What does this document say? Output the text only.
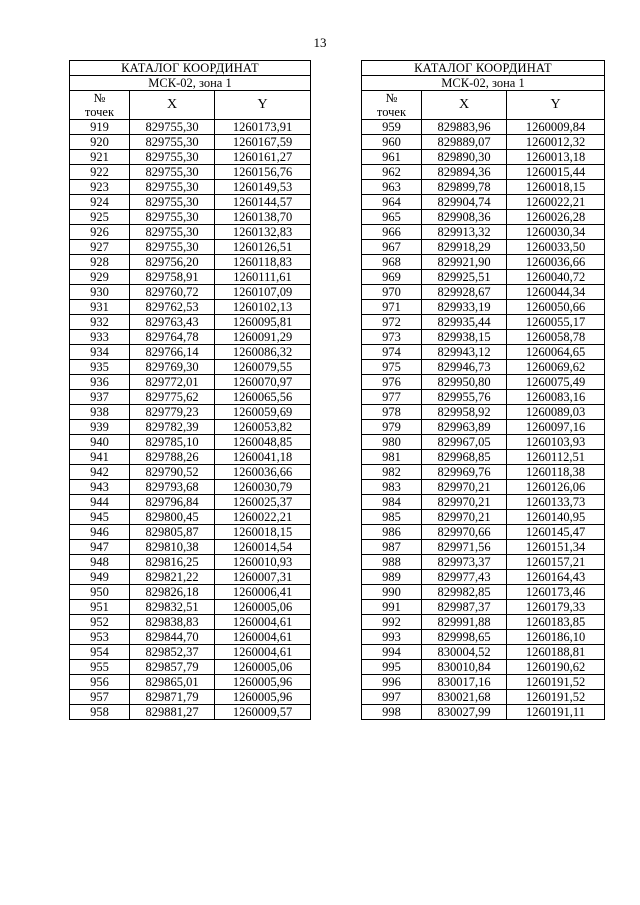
13
КАТАЛОГ КООРДИНАТ		
МСК-02, зона 1		
№
точек	X	Y
919	829755,30	1260173,91
920	829755,30	1260167,59
921	829755,30	1260161,27
922	829755,30	1260156,76
923	829755,30	1260149,53
924	829755,30	1260144,57
925	829755,30	1260138,70
926	829755,30	1260132,83
927	829755,30	1260126,51
928	829756,20	1260118,83
929	829758,91	1260111,61
930	829760,72	1260107,09
931	829762,53	1260102,13
932	829763,43	1260095,81
933	829764,78	1260091,29
934	829766,14	1260086,32
935	829769,30	1260079,55
936	829772,01	1260070,97
937	829775,62	1260065,56
938	829779,23	1260059,69
939	829782,39	1260053,82
940	829785,10	1260048,85
941	829788,26	1260041,18
942	829790,52	1260036,66
943	829793,68	1260030,79
944	829796,84	1260025,37
945	829800,45	1260022,21
946	829805,87	1260018,15
947	829810,38	1260014,54
948	829816,25	1260010,93
949	829821,22	1260007,31
950	829826,18	1260006,41
951	829832,51	1260005,06
952	829838,83	1260004,61
953	829844,70	1260004,61
954	829852,37	1260004,61
955	829857,79	1260005,06
956	829865,01	1260005,96
957	829871,79	1260005,96
958	829881,27	1260009,57
КАТАЛОГ КООРДИНАТ		
МСК-02, зона 1		
№
точек	X	Y
959	829883,96	1260009,84
960	829889,07	1260012,32
961	829890,30	1260013,18
962	829894,36	1260015,44
963	829899,78	1260018,15
964	829904,74	1260022,21
965	829908,36	1260026,28
966	829913,32	1260030,34
967	829918,29	1260033,50
968	829921,90	1260036,66
969	829925,51	1260040,72
970	829928,67	1260044,34
971	829933,19	1260050,66
972	829935,44	1260055,17
973	829938,15	1260058,78
974	829943,12	1260064,65
975	829946,73	1260069,62
976	829950,80	1260075,49
977	829955,76	1260083,16
978	829958,92	1260089,03
979	829963,89	1260097,16
980	829967,05	1260103,93
981	829968,85	1260112,51
982	829969,76	1260118,38
983	829970,21	1260126,06
984	829970,21	1260133,73
985	829970,21	1260140,95
986	829970,66	1260145,47
987	829971,56	1260151,34
988	829973,37	1260157,21
989	829977,43	1260164,43
990	829982,85	1260173,46
991	829987,37	1260179,33
992	829991,88	1260183,85
993	829998,65	1260186,10
994	830004,52	1260188,81
995	830010,84	1260190,62
996	830017,16	1260191,52
997	830021,68	1260191,52
998	830027,99	1260191,11
